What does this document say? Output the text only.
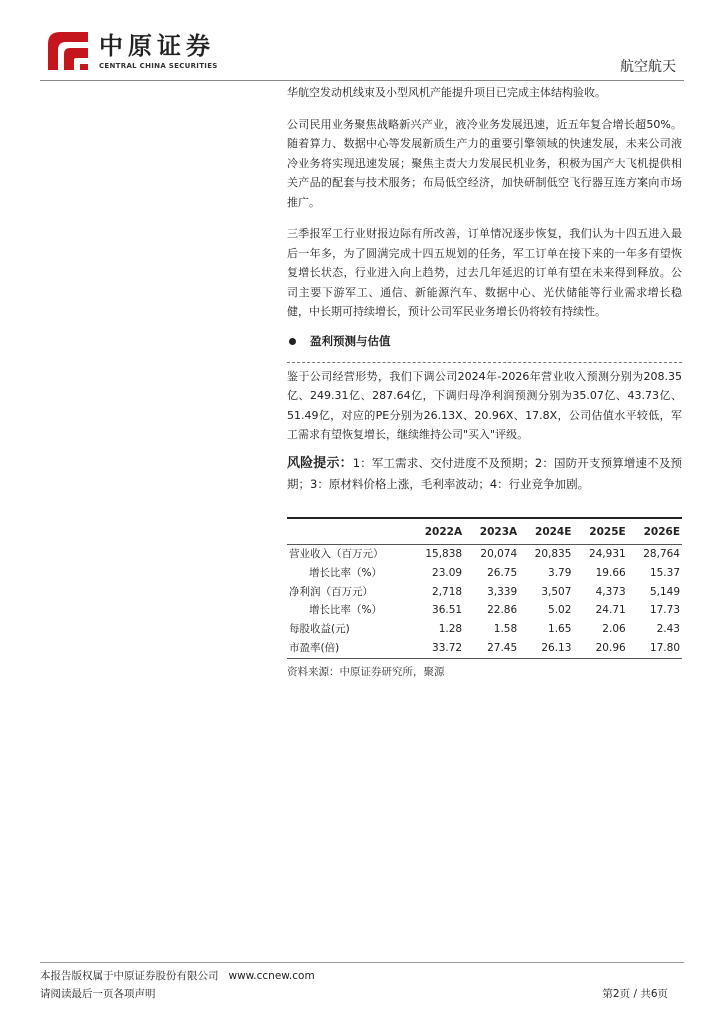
中原证券
CENTRAL CHINA SECURITIES	航空航天

华航空发动机线束及小型风机产能提升项目已完成主体结构验收。

公司民用业务聚焦战略新兴产业，液冷业务发展迅速，近五年复合增长超50%。随着算力、数据中心等发展新质生产力的重要引擎领域的快速发展，未来公司液冷业务将实现迅速发展；聚焦主责大力发展民机业务，积极为国产大飞机提供相关产品的配套与技术服务；布局低空经济，加快研制低空飞行器互连方案向市场推广。

三季报军工行业财报边际有所改善，订单情况逐步恢复，我们认为十四五进入最后一年多，为了圆满完成十四五规划的任务，军工订单在接下来的一年多有望恢复增长状态，行业进入向上趋势，过去几年延迟的订单有望在未来得到释放。公司主要下游军工、通信、新能源汽车、数据中心、光伏储能等行业需求增长稳健，中长期可持续增长，预计公司军民业务增长仍将较有持续性。

盈利预测与估值

鉴于公司经营形势，我们下调公司2024年-2026年营业收入预测分别为208.35亿、249.31亿、287.64亿，下调归母净利润预测分别为35.07亿、43.73亿、51.49亿，对应的PE分别为26.13X、20.96X、17.8X，公司估值水平较低，军工需求有望恢复增长，继续维持公司"买入"评级。

风险提示：1：军工需求、交付进度不及预期；2：国防开支预算增速不及预期；3：原材料价格上涨，毛利率波动；4：行业竞争加剧。

	2022A	2023A	2024E	2025E	2026E
营业收入（百万元）	15,838	20,074	20,835	24,931	28,764
增长比率（%）	23.09	26.75	3.79	19.66	15.37
净利润（百万元）	2,718	3,339	3,507	4,373	5,149
增长比率（%）	36.51	22.86	5.02	24.71	17.73
每股收益(元)	1.28	1.58	1.65	2.06	2.43
市盈率(倍)	33.72	27.45	26.13	20.96	17.80
资料来源：中原证券研究所，聚源
本报告版权属于中原证券股份有限公司 www.ccnew.com
请阅读最后一页各项声明	第2页 / 共6页
